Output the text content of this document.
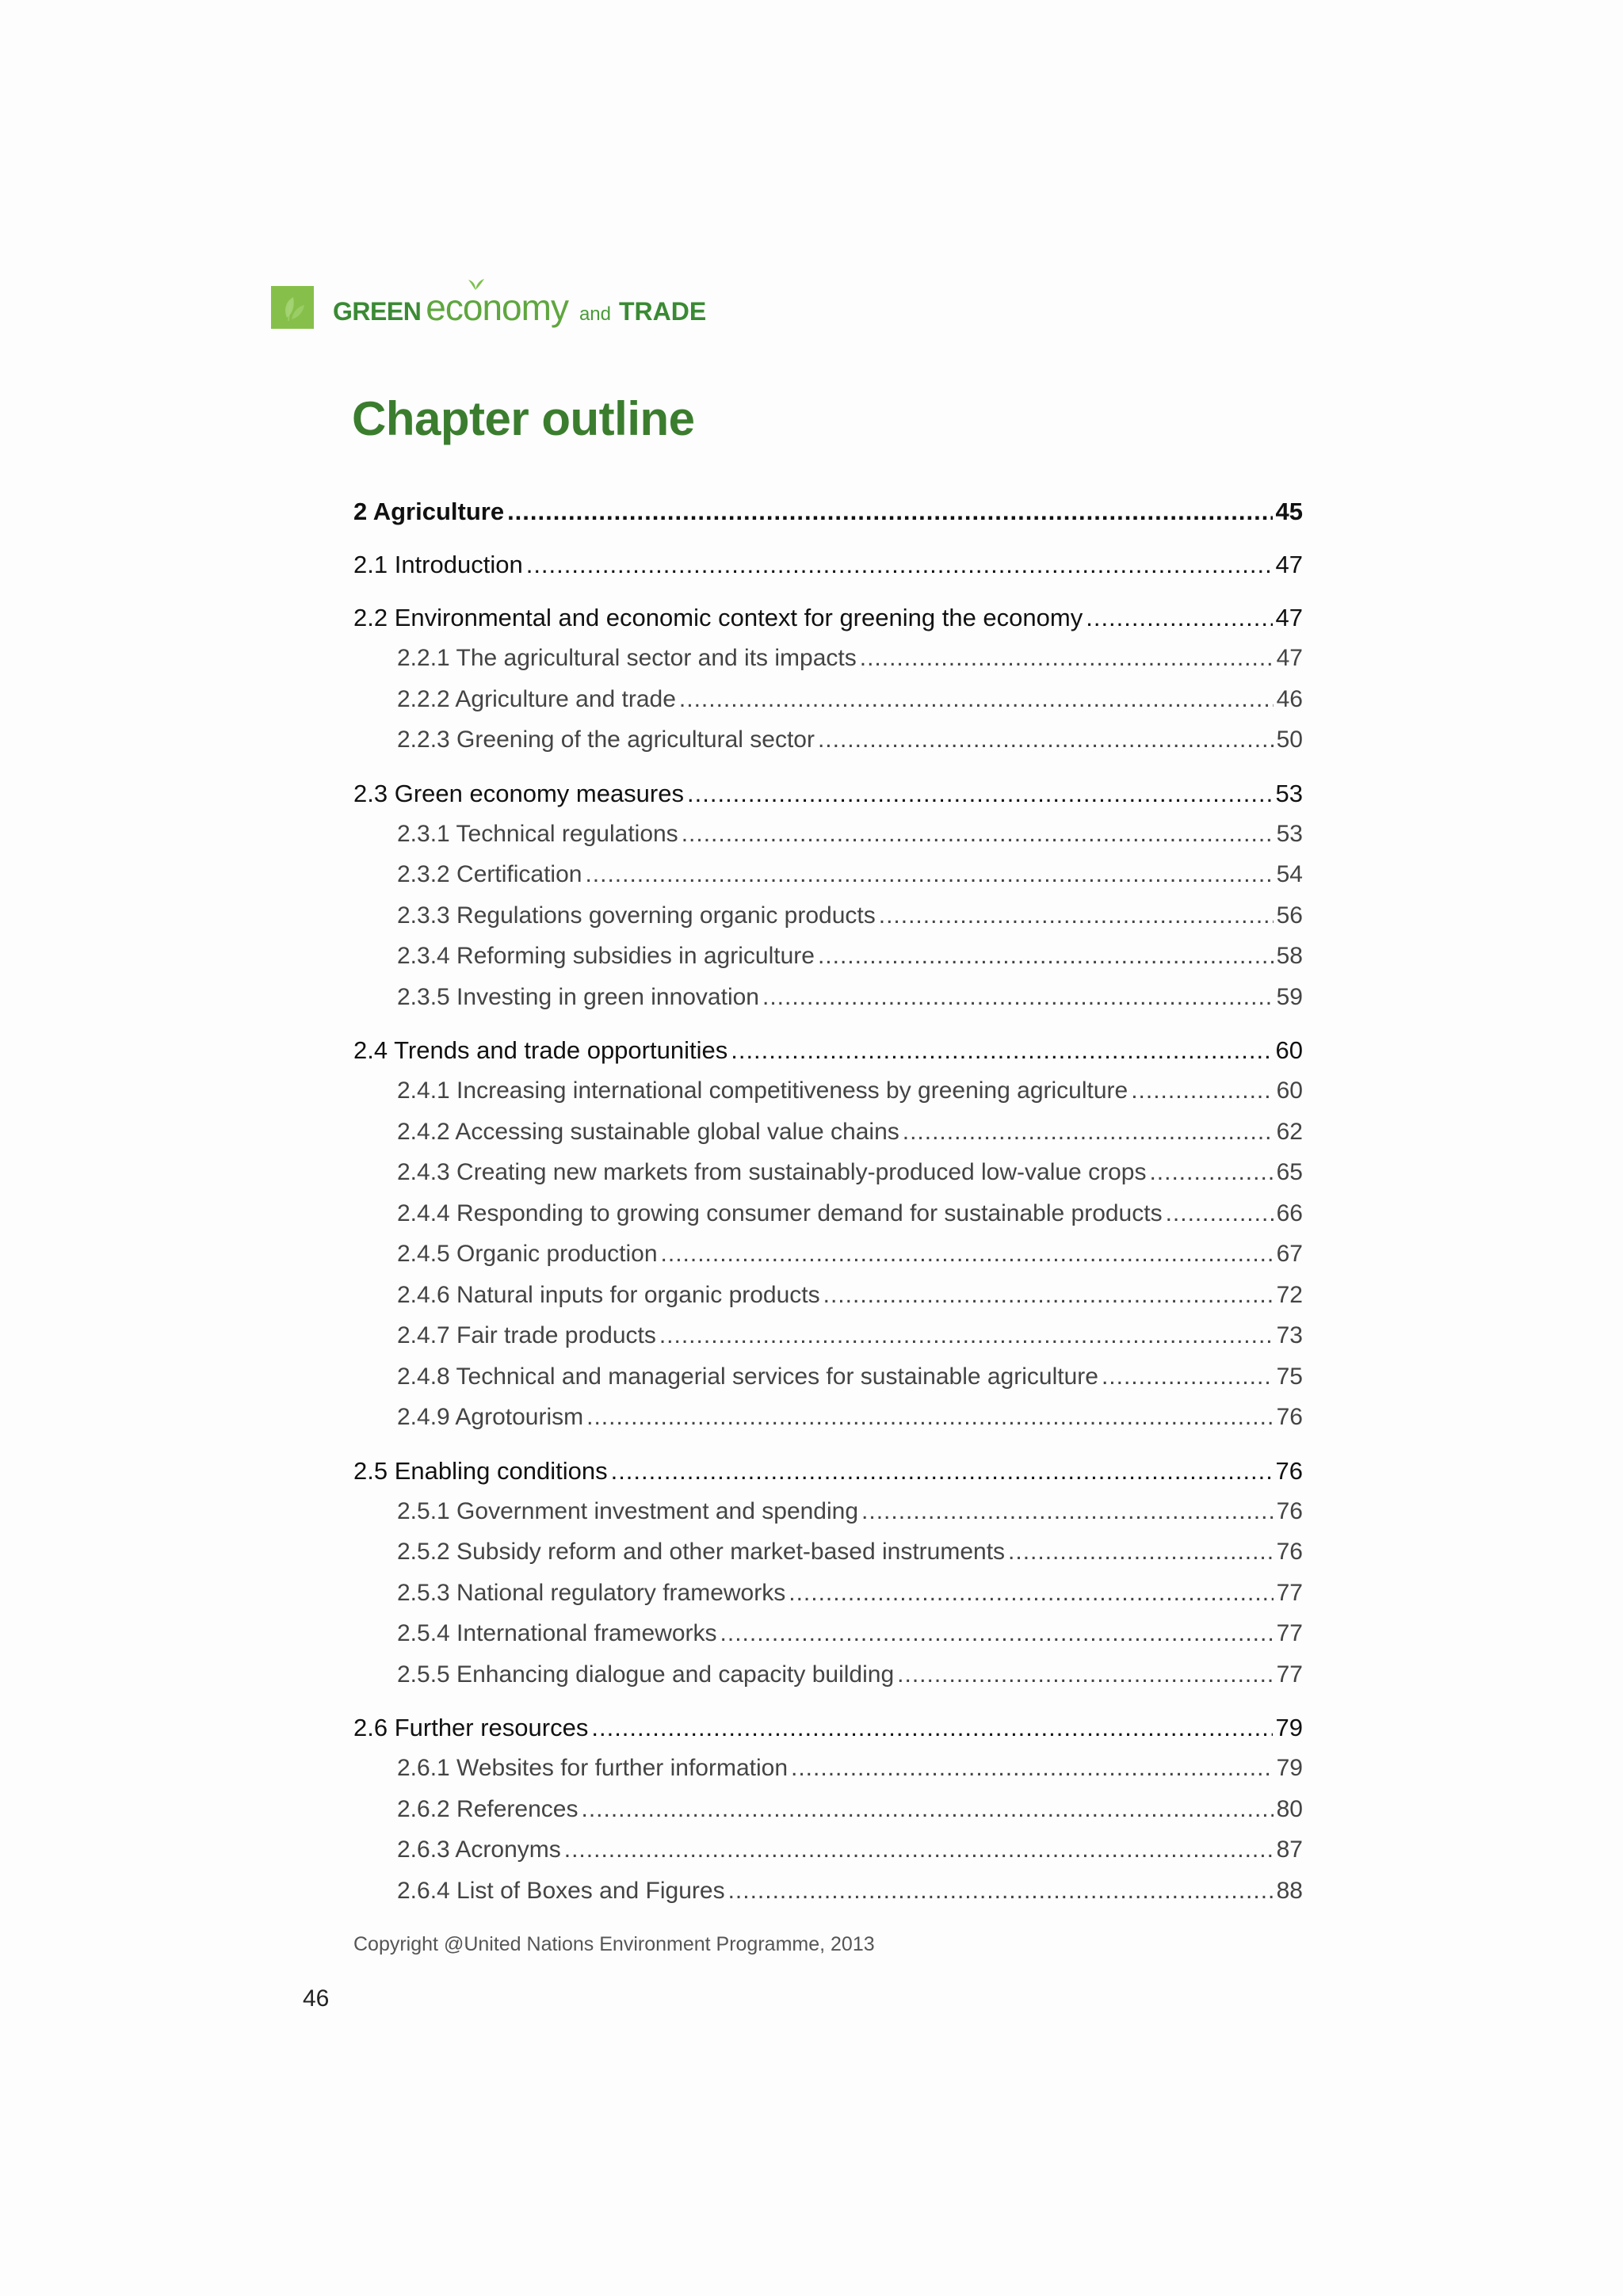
GREEN economy and TRADE
Chapter outline
2 Agriculture .....	45
2.1 Introduction .....	47
2.2 Environmental and economic context for greening the economy .....	47
2.2.1 The agricultural sector and its impacts .....	47
2.2.2 Agriculture and trade .....	46
2.2.3 Greening of the agricultural sector .....	50
2.3 Green economy measures .....	53
2.3.1 Technical regulations .....	53
2.3.2 Certification .....	54
2.3.3 Regulations governing organic products .....	56
2.3.4 Reforming subsidies in agriculture .....	58
2.3.5 Investing in green innovation .....	59
2.4 Trends and trade opportunities .....	60
2.4.1 Increasing international competitiveness by greening agriculture .....	60
2.4.2 Accessing sustainable global value chains .....	62
2.4.3 Creating new markets from sustainably-produced low-value crops .....	65
2.4.4 Responding to growing consumer demand for sustainable products .....	66
2.4.5 Organic production .....	67
2.4.6 Natural inputs for organic products .....	72
2.4.7 Fair trade products .....	73
2.4.8 Technical and managerial services for sustainable agriculture .....	75
2.4.9 Agrotourism .....	76
2.5 Enabling conditions .....	76
2.5.1 Government investment and spending .....	76
2.5.2 Subsidy reform and other market-based instruments .....	76
2.5.3 National regulatory frameworks .....	77
2.5.4 International frameworks .....	77
2.5.5 Enhancing dialogue and capacity building .....	77
2.6 Further resources .....	79
2.6.1 Websites for further information .....	79
2.6.2 References .....	80
2.6.3 Acronyms .....	87
2.6.4 List of Boxes and Figures .....	88
Copyright @United Nations Environment Programme, 2013
46
